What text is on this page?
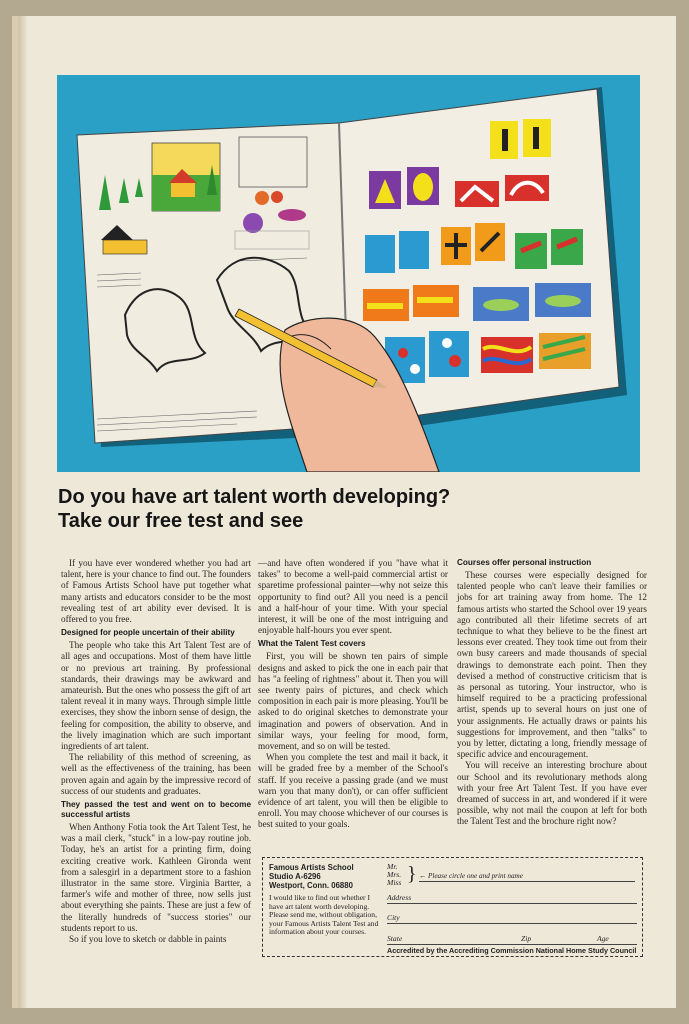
Do you have art talent worth developing?
Take our free test and see

If you have ever wondered whether you had art talent, here is your chance to find out. The founders of Famous Artists School have put together what many artists and educators consider to be the most revealing test of art ability ever devised. It is offered to you free.

Designed for people uncertain of their ability

The people who take this Art Talent Test are of all ages and occupations. Most of them have little or no previous art training. By professional standards, their drawings may be awkward and amateurish. But the ones who possess the gift of art talent reveal it in many ways. Through simple little exercises, they show the inborn sense of design, the feeling for composition, the ability to observe, and the lively imagination which are such important ingredients of art talent.

The reliability of this method of screening, as well as the effectiveness of the training, has been proven again and again by the impressive record of success of our students and graduates.

They passed the test and went on to become successful artists

When Anthony Fotia took the Art Talent Test, he was a mail clerk, "stuck" in a low-pay routine job. Today, he's an artist for a printing firm, doing exciting creative work. Kathleen Gironda went from a salesgirl in a department store to a fashion illustrator in the same store. Virginia Bartter, a farmer's wife and mother of three, now sells just about everything she paints. These are just a few of the literally hundreds of "success stories" our students report to us.

So if you love to sketch or dabble in paints

—and have often wondered if you "have what it takes" to become a well-paid commercial artist or sparetime professional painter—why not seize this opportunity to find out? All you need is a pencil and a half-hour of your time. With your special interest, it will be one of the most intriguing and enjoyable half-hours you ever spent.

What the Talent Test covers

First, you will be shown ten pairs of simple designs and asked to pick the one in each pair that has "a feeling of rightness" about it. Then you will see twenty pairs of pictures, and check which composition in each pair is more pleasing. You'll be asked to do original sketches to demonstrate your imagination and powers of observation. And in similar ways, your feeling for mood, form, movement, and so on will be tested.

When you complete the test and mail it back, it will be graded free by a member of the School's staff. If you receive a passing grade (and we must warn you that many don't), or can offer sufficient evidence of art talent, you will then be eligible to enroll. You may choose whichever of our courses is best suited to your goals.

Courses offer personal instruction

These courses were especially designed for talented people who can't leave their families or jobs for art training away from home. The 12 famous artists who started the School over 19 years ago contributed all their lifetime secrets of art technique to what they believe to be the finest art lessons ever created. They took time out from their own busy careers and made thousands of special drawings to demonstrate each point. Then they devised a method of constructive criticism that is as personal as tutoring. Your instructor, who is himself required to be a practicing professional artist, spends up to several hours on just one of your assignments. He actually draws or paints his suggestions for improvement, and then "talks" to you by letter, dictating a long, friendly message of specific advice and encouragement.

You will receive an interesting brochure about our School and its revolutionary methods along with your free Art Talent Test. If you have ever dreamed of success in art, and wondered if it were possible, why not mail the coupon at left for both the Talent Test and the brochure right now?

Famous Artists School
Studio A-6296
Westport, Conn. 06880
I would like to find out whether I have art talent worth developing. Please send me, without obligation, your Famous Artists Talent Test and information about your courses.
Mr.
Mrs.
Miss } ← Please circle one and print name
Address
City
State	Zip	Age
Accredited by the Accrediting Commission National Home Study Council
